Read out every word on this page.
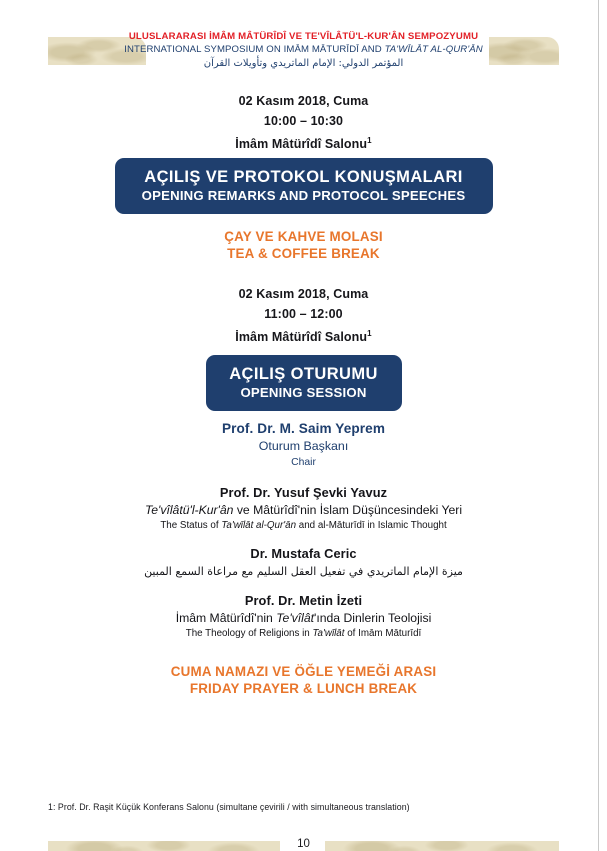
ULUSLARARASI İMÂM MÂTÜRÎDÎ VE TE'VÎLÂTÜ'L-KUR'ÂN SEMPOZYUMU
INTERNATIONAL SYMPOSIUM ON IMĀM MĀTURĪDĪ AND TA'WĪLĀT AL-QUR'ĀN
المؤتمر الدولي: الإمام الماتريدي وتأويلات القرآن
02 Kasım 2018, Cuma
10:00 – 10:30
İmâm Mâtürîdî Salonu$^1$
AÇILIŞ VE PROTOKOL KONUŞMALARI
OPENING REMARKS AND PROTOCOL SPEECHES
ÇAY VE KAHVE MOLASI
TEA & COFFEE BREAK
02 Kasım 2018, Cuma
11:00 – 12:00
İmâm Mâtürîdî Salonu$^1$
AÇILIŞ OTURUMU
OPENING SESSION
Prof. Dr. M. Saim Yeprem
Oturum Başkanı
Chair
Prof. Dr. Yusuf Şevki Yavuz
Te'vîlâtü'l-Kur'ân ve Mâtürîdî'nin İslam Düşüncesindeki Yeri
The Status of Ta'wīlāt al-Qur'ān and al-Māturīdī in Islamic Thought
Dr. Mustafa Ceric
ميزة الإمام الماتريدي في تفعيل العقل السليم مع مراعاة السمع المبين
Prof. Dr. Metin İzeti
İmâm Mâtürîdî'nin Te'vîlât'ında Dinlerin Teolojisi
The Theology of Religions in Ta'wīlāt of Imām Māturīdī
CUMA NAMAZI VE ÖĞLE YEMEĞİ ARASI
FRIDAY PRAYER & LUNCH BREAK
1: Prof. Dr. Raşit Küçük Konferans Salonu (simultane çevirili / with simultaneous translation)
10
